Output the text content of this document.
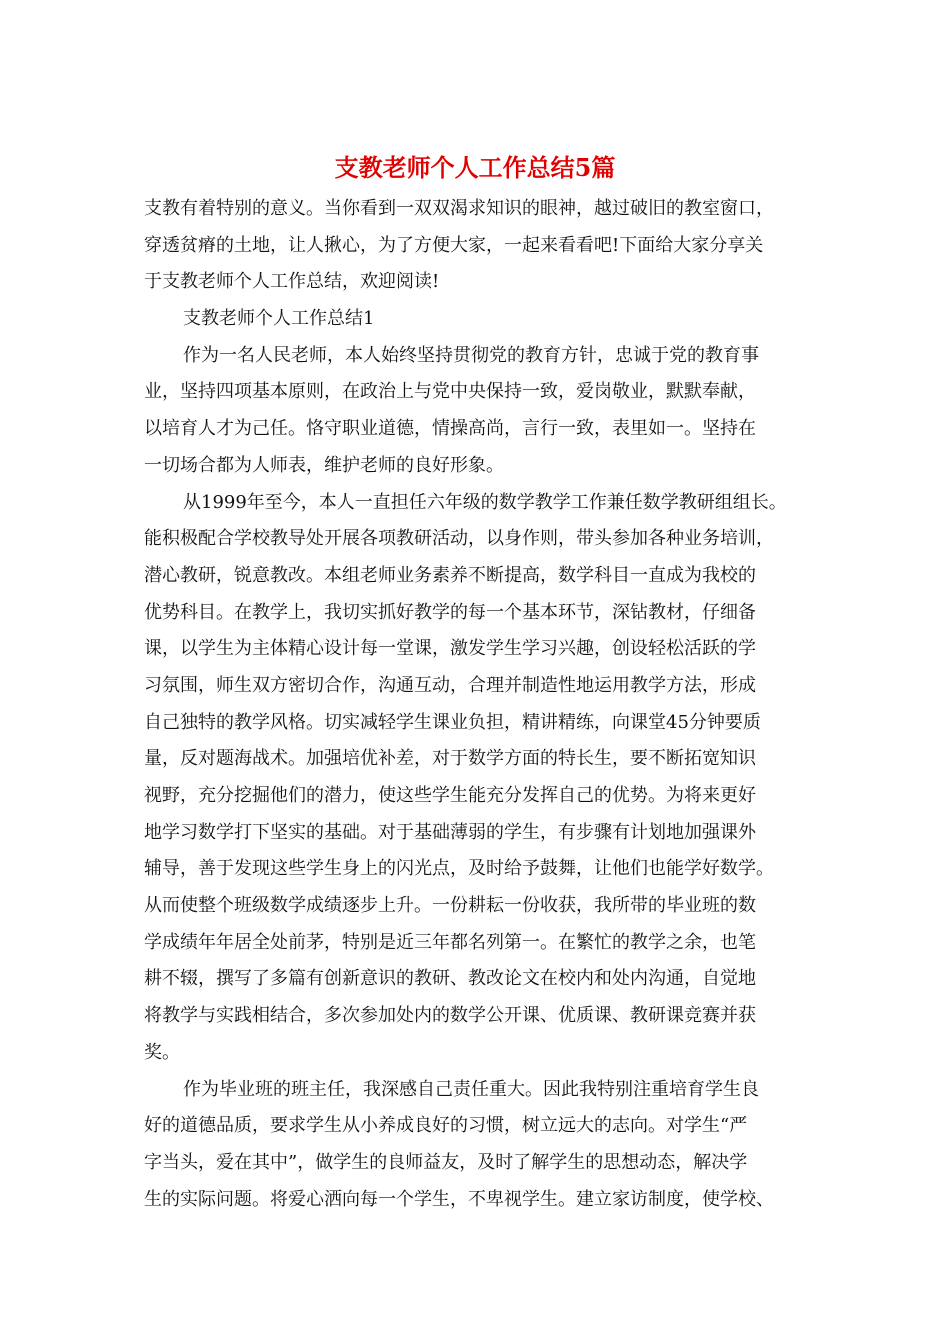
支教老师个人工作总结5篇
支教有着特别的意义。当你看到一双双渴求知识的眼神，越过破旧的教室窗口，
穿透贫瘠的土地，让人揪心，为了方便大家，一起来看看吧!下面给大家分享关
于支教老师个人工作总结，欢迎阅读!
支教老师个人工作总结1
作为一名人民老师，本人始终坚持贯彻党的教育方针，忠诚于党的教育事
业，坚持四项基本原则，在政治上与党中央保持一致，爱岗敬业，默默奉献，
以培育人才为己任。恪守职业道德，情操高尚，言行一致，表里如一。坚持在
一切场合都为人师表，维护老师的良好形象。
从1999年至今，本人一直担任六年级的数学教学工作兼任数学教研组组长。
能积极配合学校教导处开展各项教研活动，以身作则，带头参加各种业务培训，
潜心教研，锐意教改。本组老师业务素养不断提高，数学科目一直成为我校的
优势科目。在教学上，我切实抓好教学的每一个基本环节，深钻教材，仔细备
课，以学生为主体精心设计每一堂课，激发学生学习兴趣，创设轻松活跃的学
习氛围，师生双方密切合作，沟通互动，合理并制造性地运用教学方法，形成
自己独特的教学风格。切实减轻学生课业负担，精讲精练，向课堂45分钟要质
量，反对题海战术。加强培优补差，对于数学方面的特长生，要不断拓宽知识
视野，充分挖掘他们的潜力，使这些学生能充分发挥自己的优势。为将来更好
地学习数学打下坚实的基础。对于基础薄弱的学生，有步骤有计划地加强课外
辅导，善于发现这些学生身上的闪光点，及时给予鼓舞，让他们也能学好数学。
从而使整个班级数学成绩逐步上升。一份耕耘一份收获，我所带的毕业班的数
学成绩年年居全处前茅，特别是近三年都名列第一。在繁忙的教学之余，也笔
耕不辍，撰写了多篇有创新意识的教研、教改论文在校内和处内沟通，自觉地
将教学与实践相结合，多次参加处内的数学公开课、优质课、教研课竞赛并获
奖。
作为毕业班的班主任，我深感自己责任重大。因此我特别注重培育学生良
好的道德品质，要求学生从小养成良好的习惯，树立远大的志向。对学生“严
字当头，爱在其中”，做学生的良师益友，及时了解学生的思想动态，解决学
生的实际问题。将爱心洒向每一个学生，不卑视学生。建立家访制度，使学校、
